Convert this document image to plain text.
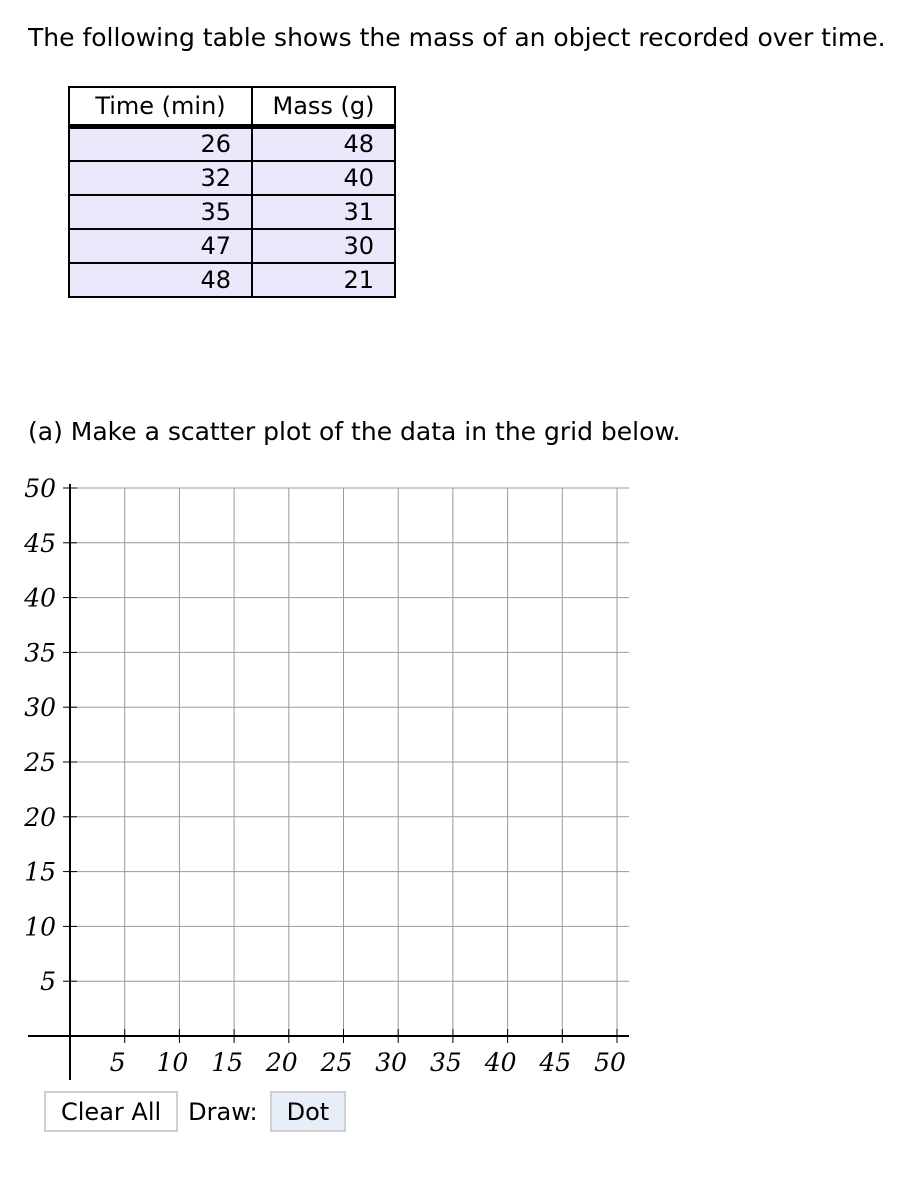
The following table shows the mass of an object recorded over time.

Time (min)	Mass (g)
26	48
32	40
35	31
47	30
48	21

(a) Make a scatter plot of the data in the grid below.

50
45
40
35
30
25
20
15
10
5
5 10 15 20 25 30 35 40 45 50
Clear All	Draw:	Dot
